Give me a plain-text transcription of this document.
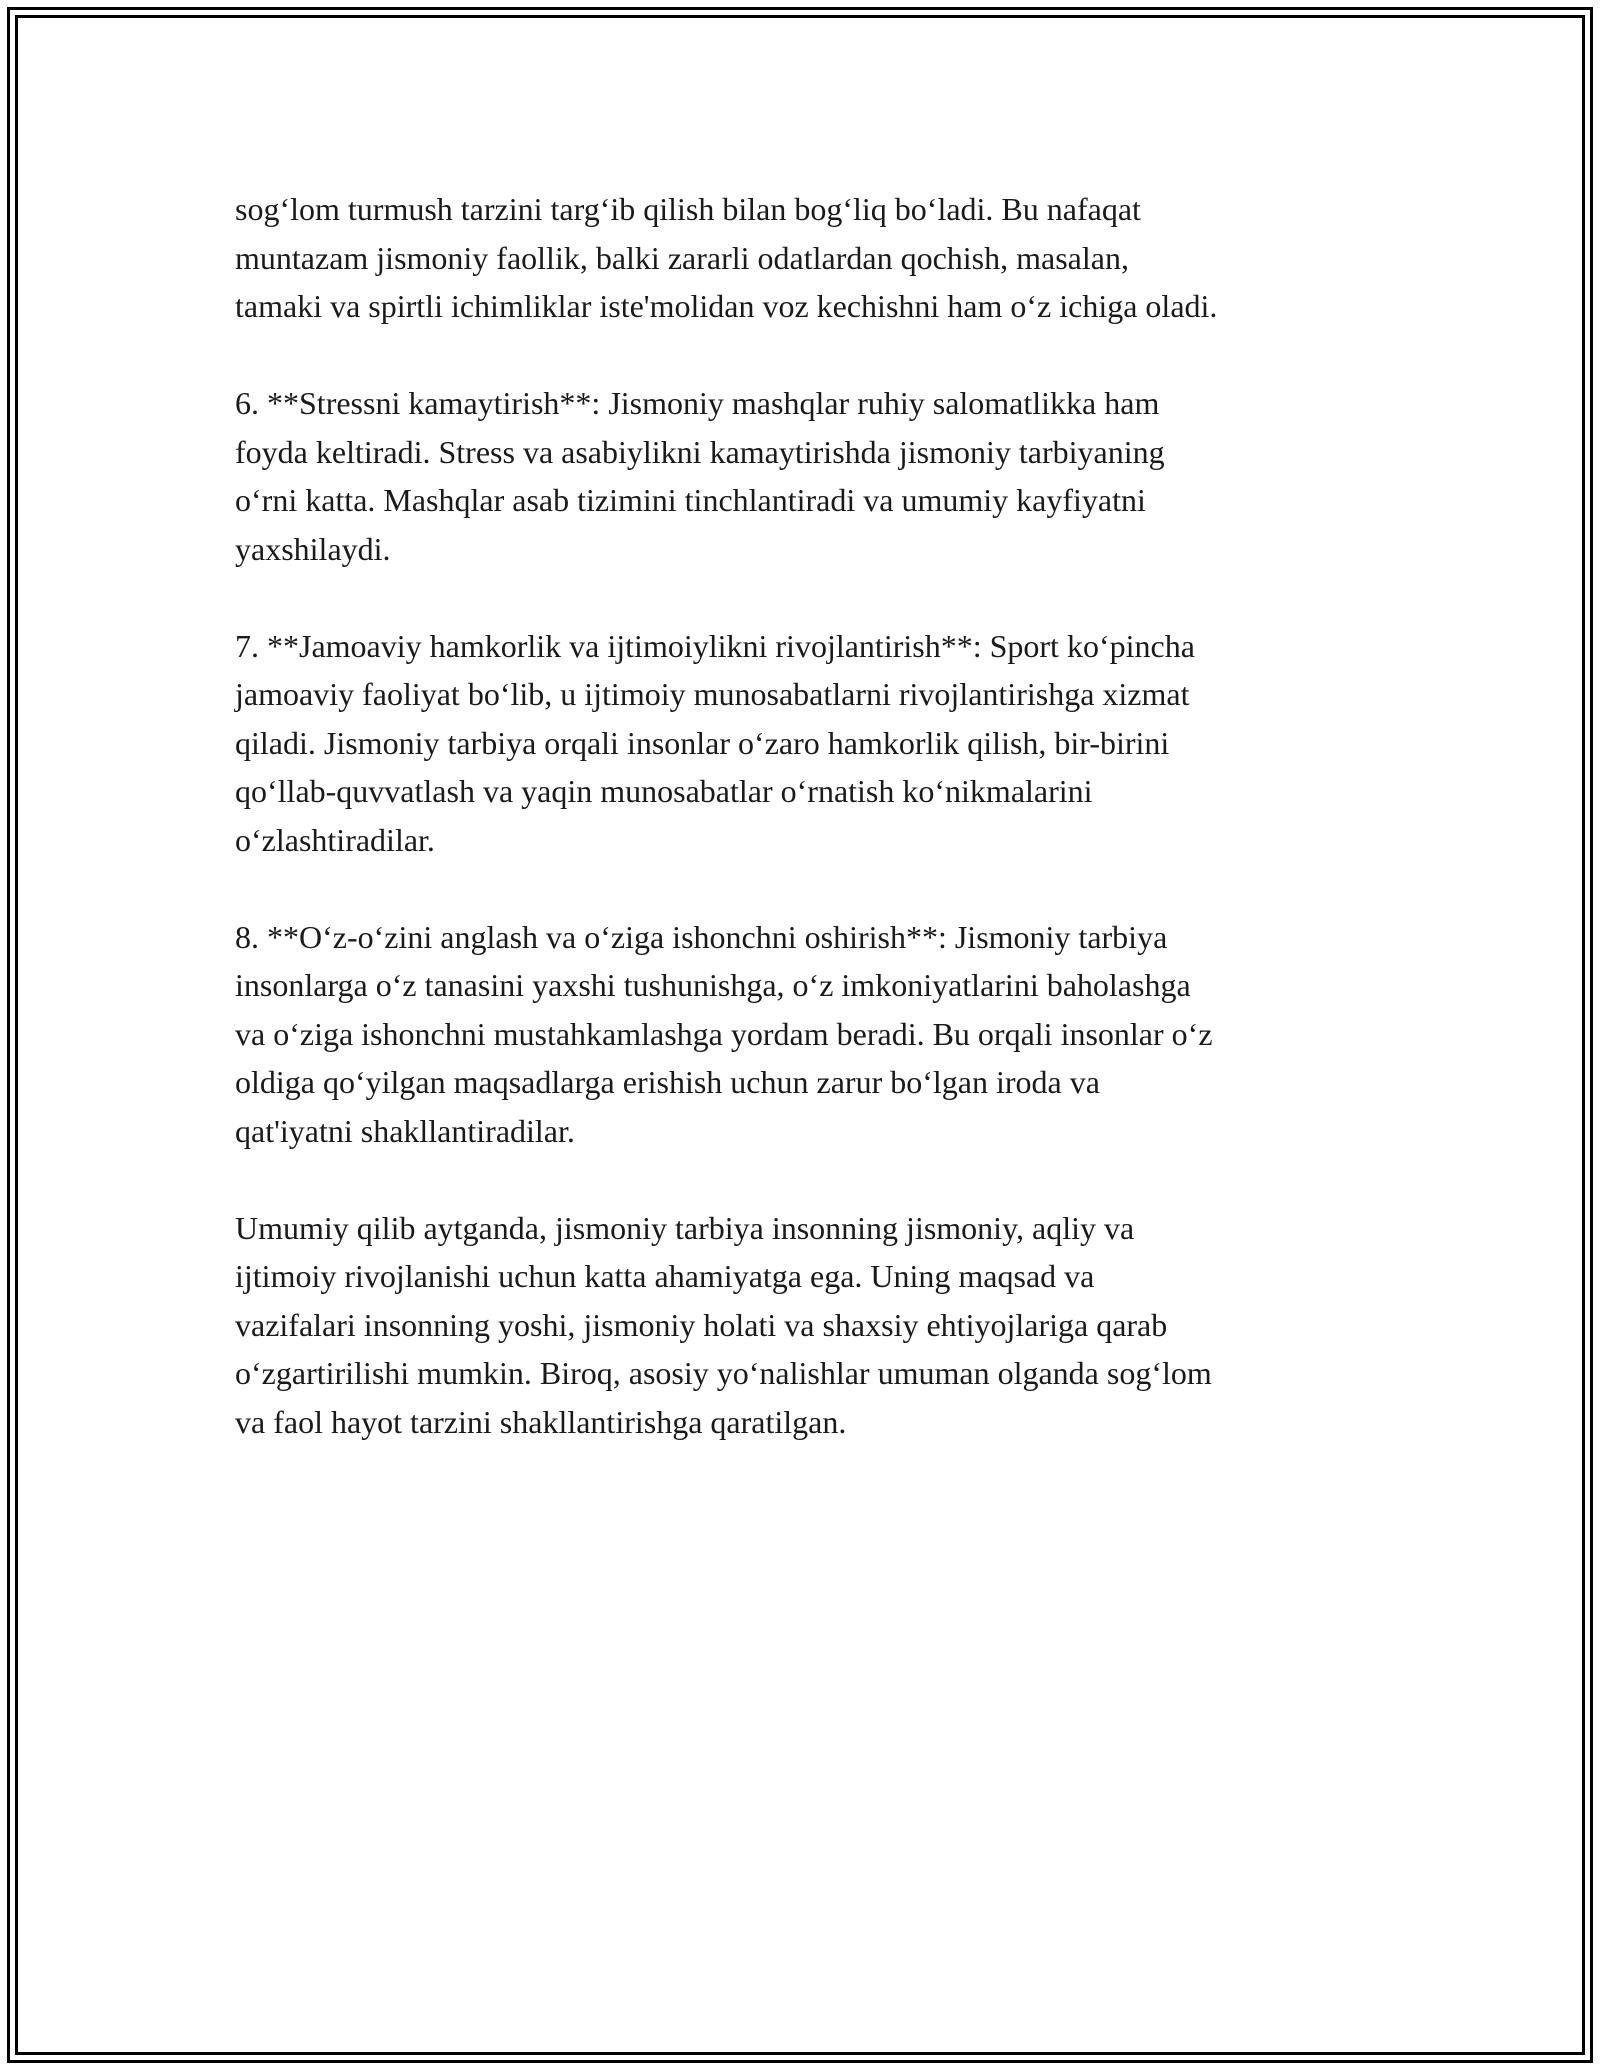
sog‘lom turmush tarzini targ‘ib qilish bilan bog‘liq bo‘ladi. Bu nafaqat
muntazam jismoniy faollik, balki zararli odatlardan qochish, masalan,
tamaki va spirtli ichimliklar iste'molidan voz kechishni ham o‘z ichiga oladi.

6. **Stressni kamaytirish**: Jismoniy mashqlar ruhiy salomatlikka ham
foyda keltiradi. Stress va asabiylikni kamaytirishda jismoniy tarbiyaning
o‘rni katta. Mashqlar asab tizimini tinchlantiradi va umumiy kayfiyatni
yaxshilaydi.

7. **Jamoaviy hamkorlik va ijtimoiylikni rivojlantirish**: Sport ko‘pincha
jamoaviy faoliyat bo‘lib, u ijtimoiy munosabatlarni rivojlantirishga xizmat
qiladi. Jismoniy tarbiya orqali insonlar o‘zaro hamkorlik qilish, bir-birini
qo‘llab-quvvatlash va yaqin munosabatlar o‘rnatish ko‘nikmalarini
o‘zlashtiradilar.

8. **O‘z-o‘zini anglash va o‘ziga ishonchni oshirish**: Jismoniy tarbiya
insonlarga o‘z tanasini yaxshi tushunishga, o‘z imkoniyatlarini baholashga
va o‘ziga ishonchni mustahkamlashga yordam beradi. Bu orqali insonlar o‘z
oldiga qo‘yilgan maqsadlarga erishish uchun zarur bo‘lgan iroda va
qat'iyatni shakllantiradilar.

Umumiy qilib aytganda, jismoniy tarbiya insonning jismoniy, aqliy va
ijtimoiy rivojlanishi uchun katta ahamiyatga ega. Uning maqsad va
vazifalari insonning yoshi, jismoniy holati va shaxsiy ehtiyojlariga qarab
o‘zgartirilishi mumkin. Biroq, asosiy yo‘nalishlar umuman olganda sog‘lom
va faol hayot tarzini shakllantirishga qaratilgan.
